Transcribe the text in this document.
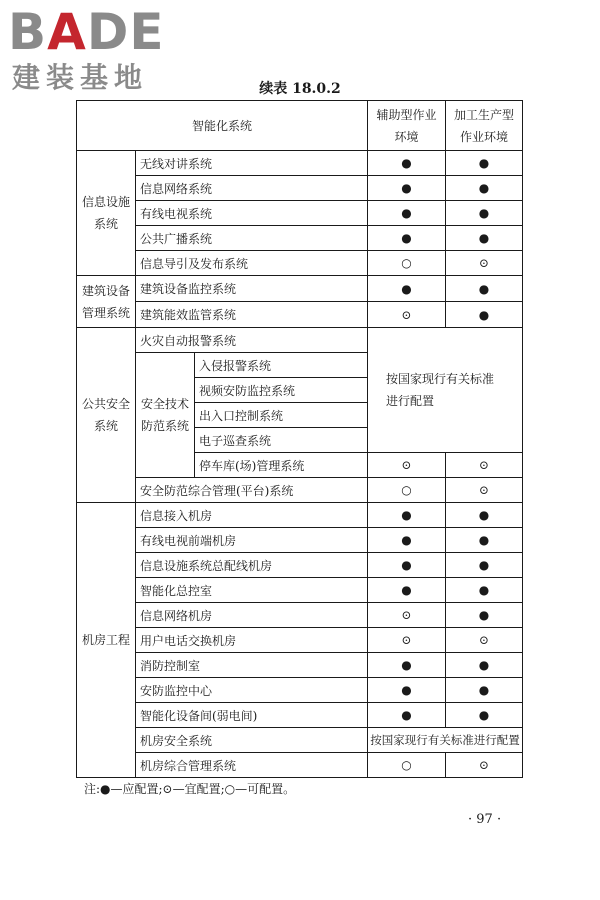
BADE
建装基地	续表 18.0.2
智能化系统			辅助型作业环境	加工生产型作业环境
信息设施系统	无线对讲系统		●	●
	信息网络系统		●	●
	有线电视系统		●	●
	公共广播系统		●	●
	信息导引及发布系统		○	⊙
建筑设备管理系统	建筑设备监控系统		●	●
	建筑能效监管系统		⊙	●
公共安全系统	火灾自动报警系统		按国家现行有关标准进行配置	
	安全技术防范系统	入侵报警系统		
		视频安防监控系统		
		出入口控制系统		
		电子巡查系统		
		停车库(场)管理系统	⊙	⊙
	安全防范综合管理(平台)系统		○	⊙
机房工程	信息接入机房		●	●
	有线电视前端机房		●	●
	信息设施系统总配线机房		●	●
	智能化总控室		●	●
	信息网络机房		⊙	●
	用户电话交换机房		⊙	⊙
	消防控制室		●	●
	安防监控中心		●	●
	智能化设备间(弱电间)		●	●
	机房安全系统		按国家现行有关标准进行配置	
	机房综合管理系统		○	⊙
注:●—应配置;⊙—宜配置;○—可配置。
· 97 ·
